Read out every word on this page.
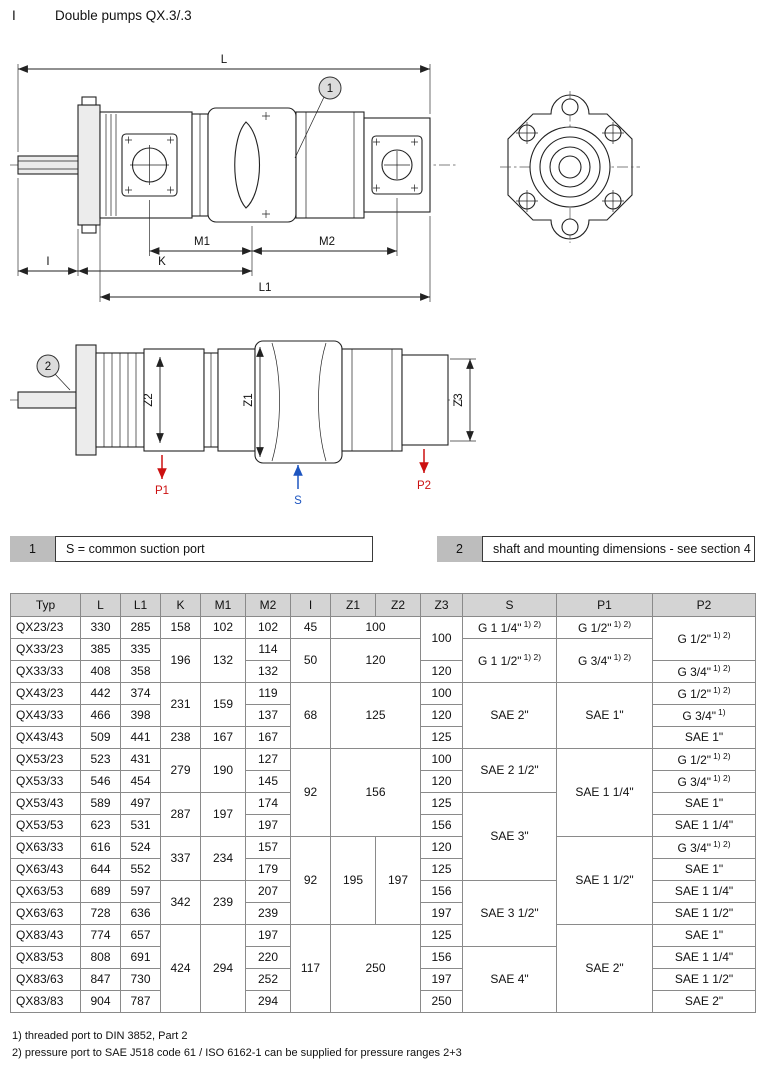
I	Double pumps QX.3/.3
L
M1	M2
I	K
L1
1
Z2	Z1	Z3
P1
S
P2
2
1	S = common suction port	2	shaft and mounting dimensions - see section 4
Typ	L	L1	K	M1	M2	I	Z1	Z2	Z3	S	P1	P2
QX23/23	330	285	158	102	102	45	100		100	G 1 1/4" $^{1) 2)}$	G 1/2" $^{1) 2)}$	G 1/2" $^{1) 2)}$
QX33/23	385	335	196	132	114	50	120			G 1 1/2" $^{1) 2)}$	G 3/4" $^{1) 2)}$
QX33/33	408	358			132				120			G 3/4" $^{1) 2)}$
QX43/23	442	374	231	159	119	68	125		100	SAE 2"	SAE 1"	G 1/2" $^{1) 2)}$
QX43/33	466	398			137				120			G 3/4" $^{1)}$
QX43/43	509	441	238	167	167				125			SAE 1"
QX53/23	523	431	279	190	127	92	156		100	SAE 2 1/2"	SAE 1 1/4"	G 1/2" $^{1) 2)}$
QX53/33	546	454			145				120			G 3/4" $^{1) 2)}$
QX53/43	589	497	287	197	174				125	SAE 3"		SAE 1"
QX53/53	623	531			197				156			SAE 1 1/4"
QX63/33	616	524	337	234	157	92	195	197	120		SAE 1 1/2"	G 3/4" $^{1) 2)}$
QX63/43	644	552			179				125			SAE 1"
QX63/53	689	597	342	239	207				156	SAE 3 1/2"		SAE 1 1/4"
QX63/63	728	636			239				197			SAE 1 1/2"
QX83/43	774	657	424	294	197	117	250		125		SAE 2"	SAE 1"
QX83/53	808	691			220				156	SAE 4"		SAE 1 1/4"
QX83/63	847	730			252				197			SAE 1 1/2"
QX83/83	904	787			294				250			SAE 2"
1) threaded port to DIN 3852, Part 2
2) pressure port to SAE J518 code 61 / ISO 6162-1 can be supplied for pressure ranges 2+3
